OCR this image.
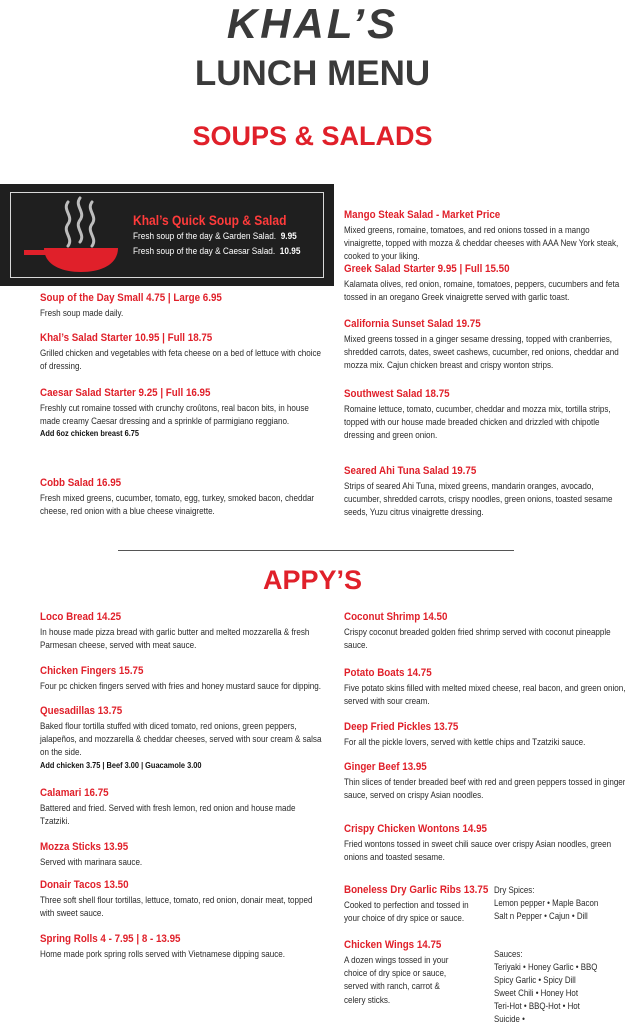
KHAL’S
LUNCH MENU
SOUPS & SALADS
Khal’s Quick Soup & Salad
Fresh soup of the day & Garden Salad. 9.95
Fresh soup of the day & Caesar Salad. 10.95
Soup of the Day Small 4.75 | Large 6.95
Fresh soup made daily.
Khal’s Salad Starter 10.95 | Full 18.75
Grilled chicken and vegetables with feta cheese on a bed of lettuce with choice of dressing.
Caesar Salad Starter 9.25 | Full 16.95
Freshly cut romaine tossed with crunchy croûtons, real bacon bits, in house made creamy Caesar dressing and a sprinkle of parmigiano reggiano.
Add 6oz chicken breast 6.75
Cobb Salad 16.95
Fresh mixed greens, cucumber, tomato, egg, turkey, smoked bacon, cheddar cheese, red onion with a blue cheese vinaigrette.
Mango Steak Salad - Market Price
Mixed greens, romaine, tomatoes, and red onions tossed in a mango vinaigrette, topped with mozza & cheddar cheeses with AAA New York steak, cooked to your liking.
Greek Salad Starter 9.95 | Full 15.50
Kalamata olives, red onion, romaine, tomatoes, peppers, cucumbers and feta tossed in an oregano Greek vinaigrette served with garlic toast.
California Sunset Salad 19.75
Mixed greens tossed in a ginger sesame dressing, topped with cranberries, shredded carrots, dates, sweet cashews, cucumber, red onions, cheddar and mozza mix. Cajun chicken breast and crispy wonton strips.
Southwest Salad 18.75
Romaine lettuce, tomato, cucumber, cheddar and mozza mix, tortilla strips, topped with our house made breaded chicken and drizzled with chipotle dressing and green onion.
Seared Ahi Tuna Salad 19.75
Strips of seared Ahi Tuna, mixed greens, mandarin oranges, avocado, cucumber, shredded carrots, crispy noodles, green onions, toasted sesame seeds, Yuzu citrus vinaigrette dressing.
APPY’S
Loco Bread 14.25
In house made pizza bread with garlic butter and melted mozzarella & fresh Parmesan cheese, served with meat sauce.
Chicken Fingers 15.75
Four pc chicken fingers served with fries and honey mustard sauce for dipping.
Quesadillas 13.75
Baked flour tortilla stuffed with diced tomato, red onions, green peppers, jalapeños, and mozzarella & cheddar cheeses, served with sour cream & salsa on the side.
Add chicken 3.75 | Beef 3.00 | Guacamole 3.00
Calamari 16.75
Battered and fried. Served with fresh lemon, red onion and house made Tzatziki.
Mozza Sticks 13.95
Served with marinara sauce.
Donair Tacos 13.50
Three soft shell flour tortillas, lettuce, tomato, red onion, donair meat, topped with sweet sauce.
Spring Rolls 4 - 7.95 | 8 - 13.95
Home made pork spring rolls served with Vietnamese dipping sauce.
Coconut Shrimp 14.50
Crispy coconut breaded golden fried shrimp served with coconut pineapple sauce.
Potato Boats 14.75
Five potato skins filled with melted mixed cheese, real bacon, and green onion, served with sour cream.
Deep Fried Pickles 13.75
For all the pickle lovers, served with kettle chips and Tzatziki sauce.
Ginger Beef 13.95
Thin slices of tender breaded beef with red and green peppers tossed in ginger sauce, served on crispy Asian noodles.
Crispy Chicken Wontons 14.95
Fried wontons tossed in sweet chili sauce over crispy Asian noodles, green onions and toasted sesame.
Boneless Dry Garlic Ribs 13.75
Cooked to perfection and tossed in your choice of dry spice or sauce.
Chicken Wings 14.75
A dozen wings tossed in your choice of dry spice or sauce, served with ranch, carrot & celery sticks.
Dry Spices:
Lemon pepper • Maple Bacon
Salt n Pepper • Cajun • Dill
Sauces:
Teriyaki • Honey Garlic • BBQ
Spicy Garlic • Spicy Dill
Sweet Chili • Honey Hot
Teri-Hot • BBQ-Hot • Hot
Suicide •
